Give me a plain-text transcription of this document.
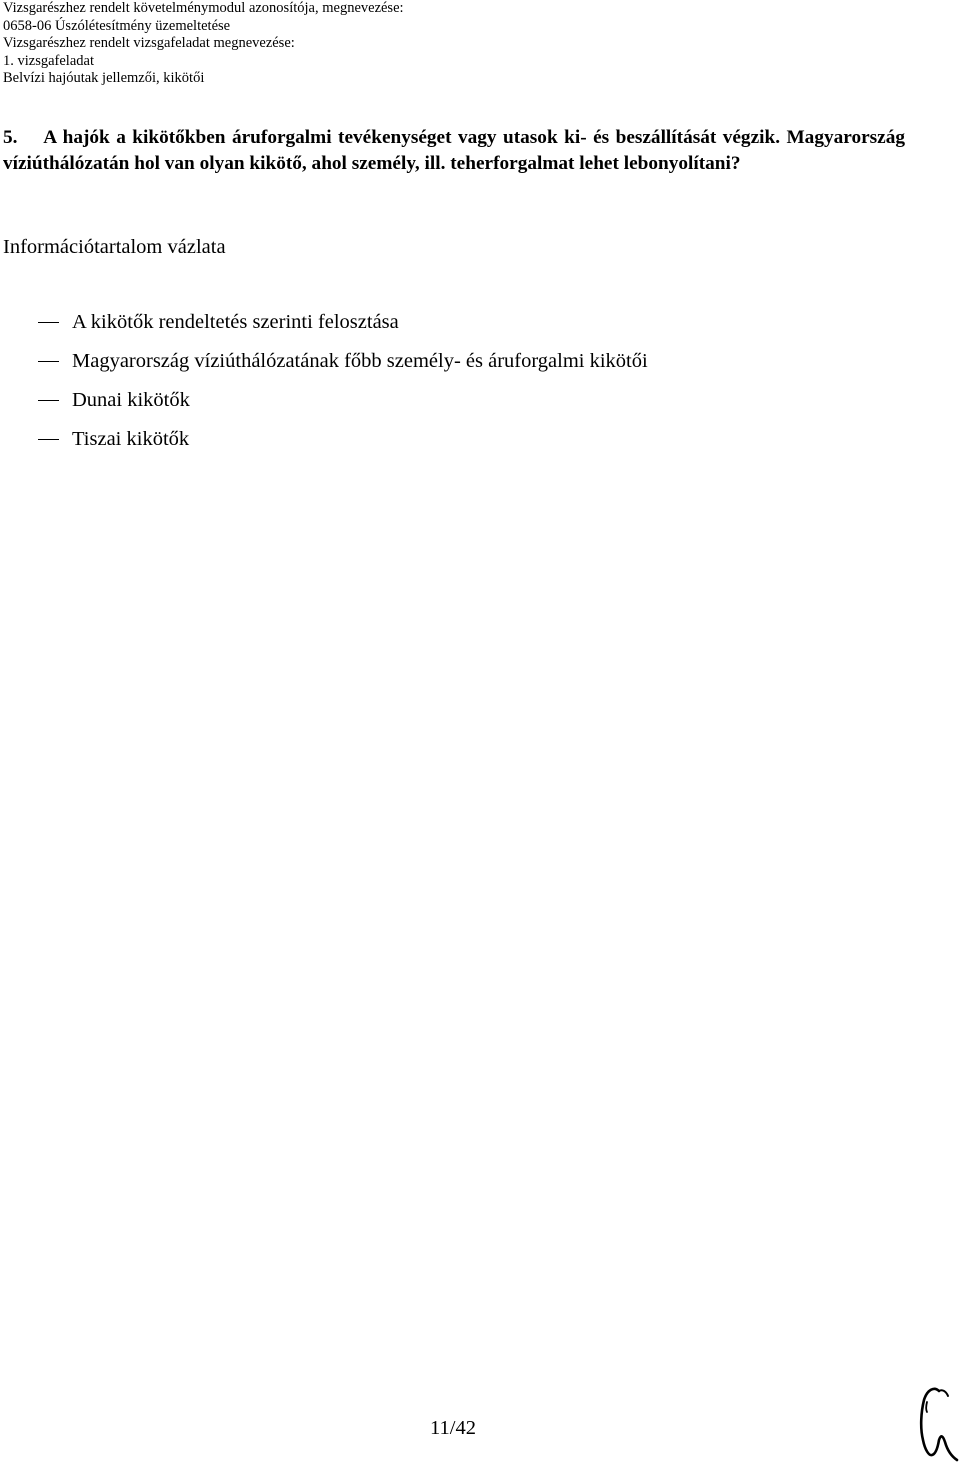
Vizsgarészhez rendelt követelménymodul azonosítója, megnevezése:
0658-06 Úszólétesítmény üzemeltetése
Vizsgarészhez rendelt vizsgafeladat megnevezése:
1. vizsgafeladat
Belvízi hajóutak jellemzői, kikötői
5.    A hajók a kikötőkben áruforgalmi tevékenységet vagy utasok ki- és beszállítását végzik. Magyarország víziúthálózatán hol van olyan kikötő, ahol személy, ill. teherforgalmat lehet lebonyolítani?
Információtartalom vázlata
A kikötők rendeltetés szerinti felosztása
Magyarország víziúthálózatának főbb személy- és áruforgalmi kikötői
Dunai kikötők
Tiszai kikötők
11/42
